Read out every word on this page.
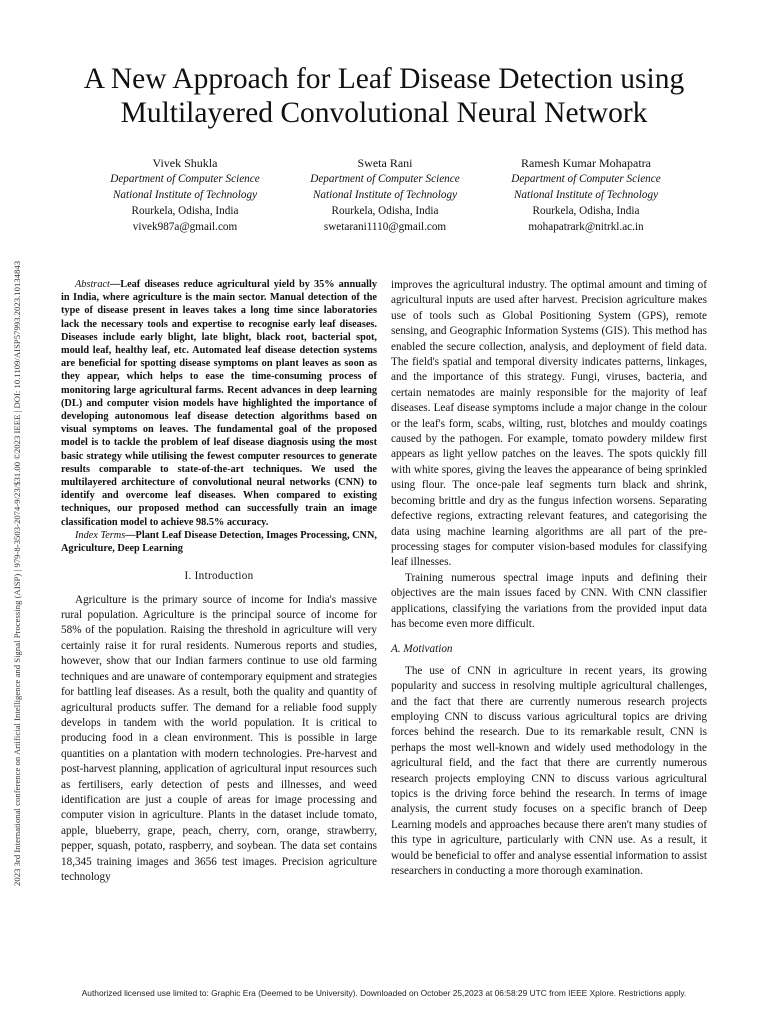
2023 3rd International conference on Artificial Intelligence and Signal Processing (AISP) | 979-8-3503-2074-9/23/$31.00 ©2023 IEEE | DOI: 10.1109/AISP57993.2023.10134843
A New Approach for Leaf Disease Detection using
Multilayered Convolutional Neural Network
Vivek Shukla
Department of Computer Science
National Institute of Technology
Rourkela, Odisha, India
vivek987a@gmail.com
Sweta Rani
Department of Computer Science
National Institute of Technology
Rourkela, Odisha, India
swetarani1110@gmail.com
Ramesh Kumar Mohapatra
Department of Computer Science
National Institute of Technology
Rourkela, Odisha, India
mohapatrark@nitrkl.ac.in

Abstract—Leaf diseases reduce agricultural yield by 35% annually in India, where agriculture is the main sector. Manual detection of the type of disease present in leaves takes a long time since laboratories lack the necessary tools and expertise to recognise early leaf diseases. Diseases include early blight, late blight, black root, bacterial spot, mould leaf, healthy leaf, etc. Automated leaf disease detection systems are beneficial for spotting disease symptoms on plant leaves as soon as they appear, which helps to ease the time-consuming process of monitoring large agricultural farms. Recent advances in deep learning (DL) and computer vision models have highlighted the importance of developing autonomous leaf disease detection algorithms based on visual symptoms on leaves. The fundamental goal of the proposed model is to tackle the problem of leaf disease diagnosis using the most basic strategy while utilising the fewest computer resources to generate results comparable to state-of-the-art techniques. We used the multilayered architecture of convolutional neural networks (CNN) to identify and overcome leaf diseases. When compared to existing techniques, our proposed method can successfully train an image classification model to achieve 98.5% accuracy.

Index Terms—Plant Leaf Disease Detection, Images Processing, CNN, Agriculture, Deep Learning

I. Introduction

Agriculture is the primary source of income for India's massive rural population. Agriculture is the principal source of income for 58% of the population. Raising the threshold in agriculture will very certainly raise it for rural residents. Numerous reports and studies, however, show that our Indian farmers continue to use old farming techniques and are unaware of contemporary equipment and strategies for battling leaf diseases. As a result, both the quality and quantity of agricultural products suffer. The demand for a reliable food supply develops in tandem with the world population. It is critical to producing food in a clean environment. This is possible in large quantities on a plantation with modern technologies. Pre-harvest and post-harvest planning, application of agricultural input resources such as fertilisers, early detection of pests and illnesses, and weed identification are just a couple of areas for image processing and computer vision in agriculture. Plants in the dataset include tomato, apple, blueberry, grape, peach, cherry, corn, orange, strawberry, pepper, squash, potato, raspberry, and soybean. The data set contains 18,345 training images and 3656 test images. Precision agriculture technology

improves the agricultural industry. The optimal amount and timing of agricultural inputs are used after harvest. Precision agriculture makes use of tools such as Global Positioning System (GPS), remote sensing, and Geographic Information Systems (GIS). This method has enabled the secure collection, analysis, and deployment of field data. The field's spatial and temporal diversity indicates patterns, linkages, and the importance of this strategy. Fungi, viruses, bacteria, and certain nematodes are mainly responsible for the majority of leaf diseases. Leaf disease symptoms include a major change in the colour or the leaf's form, scabs, wilting, rust, blotches and mouldy coatings caused by the pathogen. For example, tomato powdery mildew first appears as light yellow patches on the leaves. The spots quickly fill with white spores, giving the leaves the appearance of being sprinkled using flour. The once-pale leaf segments turn black and shrink, becoming brittle and dry as the fungus infection worsens. Separating defective regions, extracting relevant features, and categorising the data using machine learning algorithms are all part of the pre-processing stages for computer vision-based modules for classifying leaf illnesses.

Training numerous spectral image inputs and defining their objectives are the main issues faced by CNN. With CNN classifier applications, classifying the variations from the provided input data has become even more difficult.

A. Motivation

The use of CNN in agriculture in recent years, its growing popularity and success in resolving multiple agricultural challenges, and the fact that there are currently numerous research projects employing CNN to discuss various agricultural topics are driving forces behind the research. Due to its remarkable result, CNN is perhaps the most well-known and widely used methodology in the agricultural field, and the fact that there are currently numerous research projects employing CNN to discuss various agricultural topics is the driving force behind the research. In terms of image analysis, the current study focuses on a specific branch of Deep Learning models and approaches because there aren't many studies of this type in agriculture, particularly with CNN use. As a result, it would be beneficial to offer and analyse essential information to assist researchers in conducting a more thorough examination.

Authorized licensed use limited to: Graphic Era (Deemed to be University). Downloaded on October 25,2023 at 06:58:29 UTC from IEEE Xplore. Restrictions apply.
